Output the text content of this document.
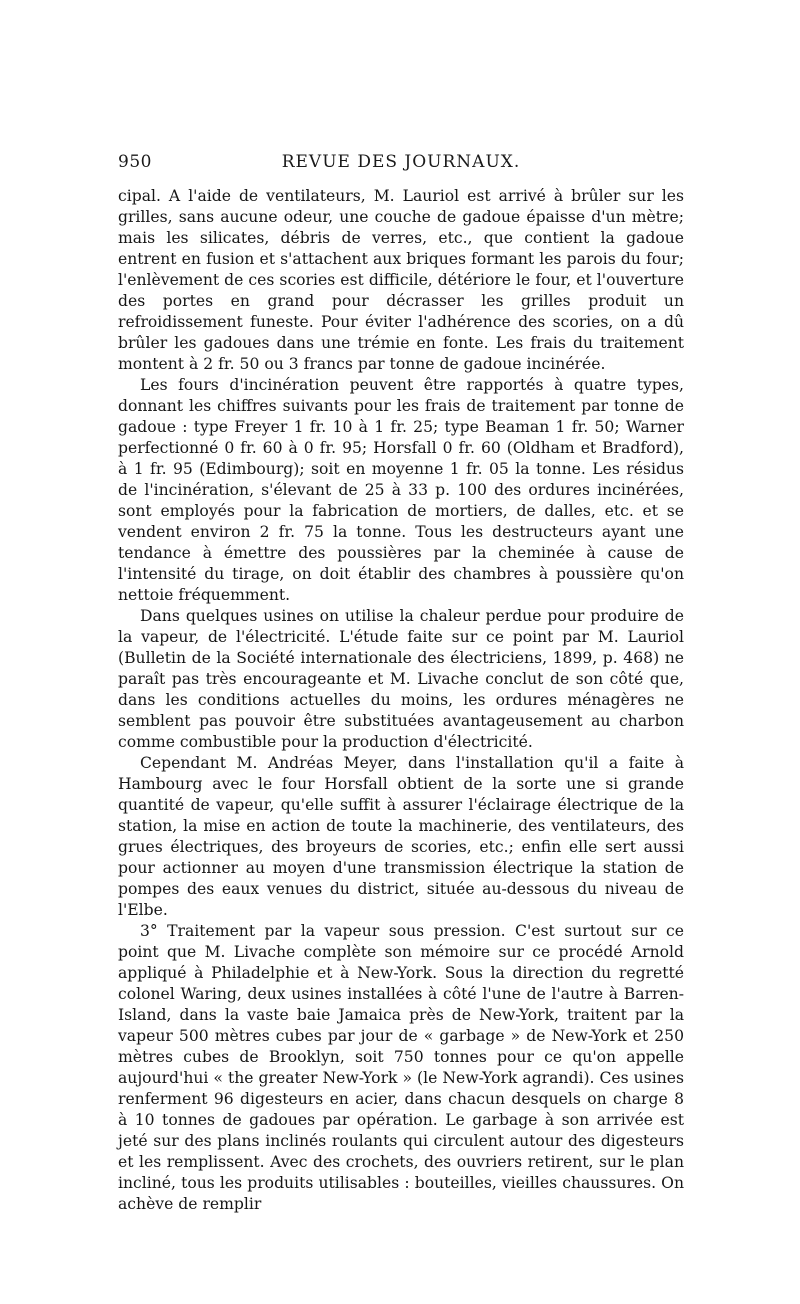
950	REVUE DES JOURNAUX.

cipal. A l'aide de ventilateurs, M. Lauriol est arrivé à brûler sur les grilles, sans aucune odeur, une couche de gadoue épaisse d'un mètre; mais les silicates, débris de verres, etc., que contient la gadoue entrent en fusion et s'attachent aux briques formant les parois du four; l'enlèvement de ces scories est difficile, détériore le four, et l'ouverture des portes en grand pour décrasser les grilles produit un refroidissement funeste. Pour éviter l'adhérence des scories, on a dû brûler les gadoues dans une trémie en fonte. Les frais du traitement montent à 2 fr. 50 ou 3 francs par tonne de gadoue incinérée.

Les fours d'incinération peuvent être rapportés à quatre types, donnant les chiffres suivants pour les frais de traitement par tonne de gadoue : type Freyer 1 fr. 10 à 1 fr. 25; type Beaman 1 fr. 50; Warner perfectionné 0 fr. 60 à 0 fr. 95; Horsfall 0 fr. 60 (Oldham et Bradford), à 1 fr. 95 (Edimbourg); soit en moyenne 1 fr. 05 la tonne. Les résidus de l'incinération, s'élevant de 25 à 33 p. 100 des ordures incinérées, sont employés pour la fabrication de mortiers, de dalles, etc. et se vendent environ 2 fr. 75 la tonne. Tous les destructeurs ayant une tendance à émettre des poussières par la cheminée à cause de l'intensité du tirage, on doit établir des chambres à poussière qu'on nettoie fréquemment.

Dans quelques usines on utilise la chaleur perdue pour produire de la vapeur, de l'électricité. L'étude faite sur ce point par M. Lauriol (Bulletin de la Société internationale des électriciens, 1899, p. 468) ne paraît pas très encourageante et M. Livache conclut de son côté que, dans les conditions actuelles du moins, les ordures ménagères ne semblent pas pouvoir être substituées avantageusement au charbon comme combustible pour la production d'électricité.

Cependant M. Andréas Meyer, dans l'installation qu'il a faite à Hambourg avec le four Horsfall obtient de la sorte une si grande quantité de vapeur, qu'elle suffit à assurer l'éclairage électrique de la station, la mise en action de toute la machinerie, des ventilateurs, des grues électriques, des broyeurs de scories, etc.; enfin elle sert aussi pour actionner au moyen d'une transmission électrique la station de pompes des eaux venues du district, située au-dessous du niveau de l'Elbe.

3° Traitement par la vapeur sous pression. C'est surtout sur ce point que M. Livache complète son mémoire sur ce procédé Arnold appliqué à Philadelphie et à New-York. Sous la direction du regretté colonel Waring, deux usines installées à côté l'une de l'autre à Barren-Island, dans la vaste baie Jamaica près de New-York, traitent par la vapeur 500 mètres cubes par jour de « garbage » de New-York et 250 mètres cubes de Brooklyn, soit 750 tonnes pour ce qu'on appelle aujourd'hui « the greater New-York » (le New-York agrandi). Ces usines renferment 96 digesteurs en acier, dans chacun desquels on charge 8 à 10 tonnes de gadoues par opération. Le garbage à son arrivée est jeté sur des plans inclinés roulants qui circulent autour des digesteurs et les remplissent. Avec des crochets, des ouvriers retirent, sur le plan incliné, tous les produits utilisables : bouteilles, vieilles chaussures. On achève de remplir
